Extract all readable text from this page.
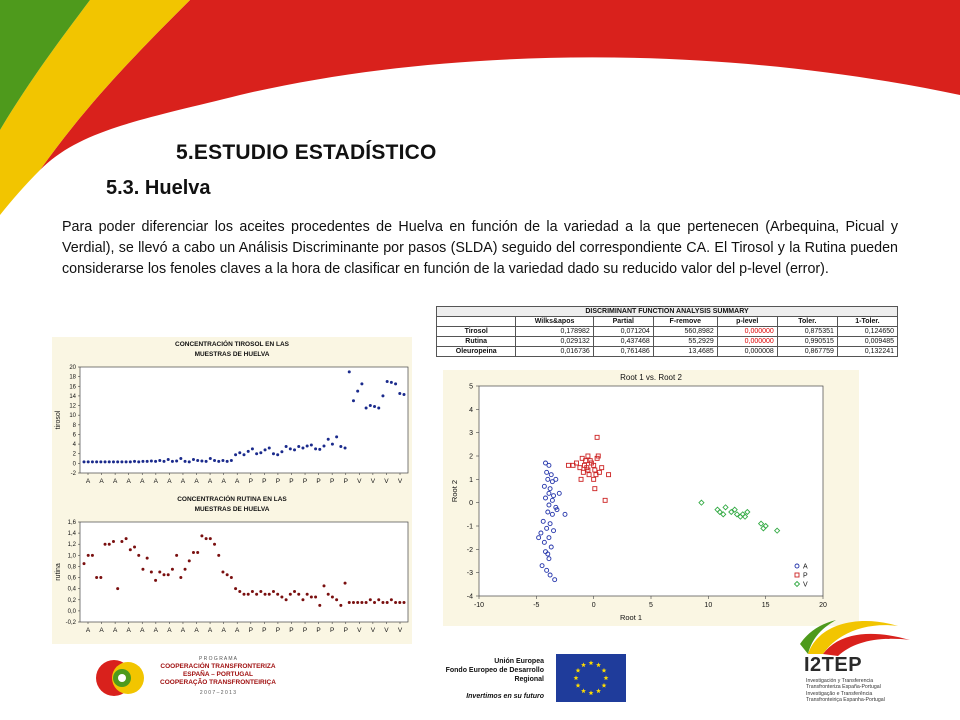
5.ESTUDIO ESTADÍSTICO
5.3. Huelva
Para poder diferenciar los aceites procedentes de Huelva en función de la variedad a la que pertenecen (Arbequina, Picual y Verdial), se llevó a cabo un Análisis Discriminante por pasos (SLDA) seguido del correspondiente CA. El Tirosol y la Rutina pueden considerarse los fenoles claves a la hora de clasificar en función de la variedad dado su reducido valor del p-level (error).
DISCRIMINANT FUNCTION ANALYSIS SUMMARY						
	Wilks&apos	Partial	F-remove	p-level	Toler.	1-Toler.
Tirosol	0,178982	0,071204	560,8982	0,000000	0,875351	0,124650
Rutina	0,029132	0,437468	55,2929	0,000000	0,990515	0,009485
Oleuropeina	0,016736	0,761486	13,4685	0,000008	0,867759	0,132241
CONCENTRACIÓN TIROSOL EN LAS
MUESTRAS DE HUELVA
20
18
16
14
12
10
8
6
4
2
0
-2
tirosol
A A A A A A A A A A A A P P P P P P P P V V V V
CONCENTRACIÓN RUTINA EN LAS
MUESTRAS DE HUELVA
1,6
1,4
1,2
1,0
0,8
0,6
0,4
0,2
0,0
-0,2
rutina
A A A A A A A A A A A A P P P P P P P P V V V V
Root 1 vs. Root 2
-10	-5	0	5	10	15	20
5
4
3
2
1
0
-1
-2
-3
-4
Root 1
Root 2
A
P
V
P R O G R A M A
COOPERACIÓN TRANSFRONTERIZA
ESPAÑA – PORTUGAL
COOPERAÇÃO TRANSFRONTEIRIÇA
2 0 0 7 – 2 0 1 3
Unión Europea
Fondo Europeo de Desarrollo
Regional
Invertimos en su futuro
I2TEP
Investigación y Transferencia
Transfronteriza España-Portugal
Investigação e Transferência
Transfronteiriça Espanha-Portugal
